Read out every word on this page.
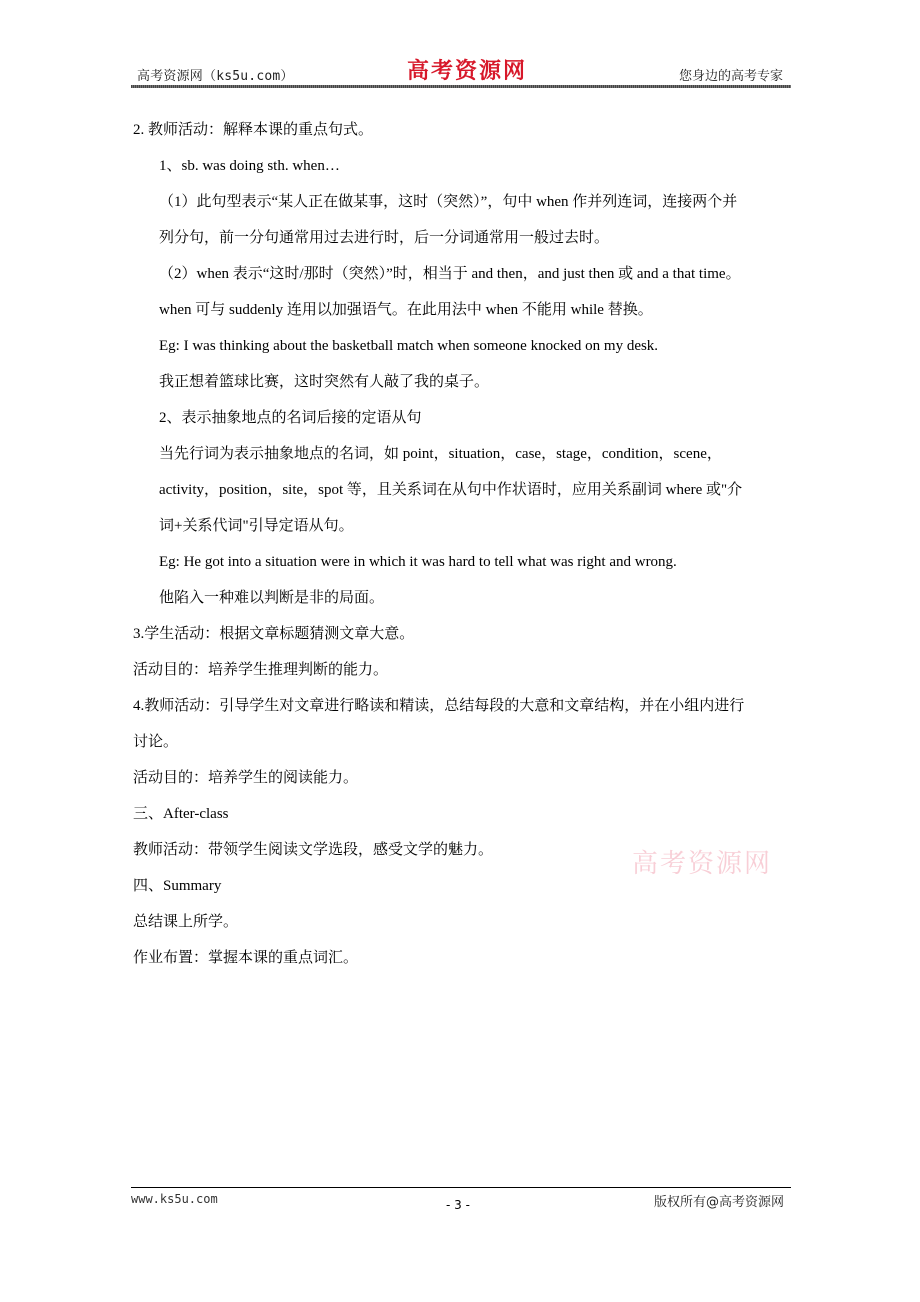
高考资源网（ks5u.com）	高考资源网	您身边的高考专家
2. 教师活动：解释本课的重点句式。
1、sb. was doing sth. when…
（1）此句型表示“某人正在做某事，这时（突然）”，句中 when 作并列连词，连接两个并
列分句，前一分句通常用过去进行时，后一分词通常用一般过去时。
（2）when 表示“这时/那时（突然）”时，相当于 and then，and just then 或 and a that time。
when 可与 suddenly 连用以加强语气。在此用法中 when 不能用 while 替换。
Eg: I was thinking about the basketball match when someone knocked on my desk.
我正想着篮球比赛，这时突然有人敲了我的桌子。
2、表示抽象地点的名词后接的定语从句
当先行词为表示抽象地点的名词，如 point，situation，case，stage，condition，scene，
activity，position，site，spot 等，且关系词在从句中作状语时，应用关系副词 where 或"介
词+关系代词"引导定语从句。
Eg: He got into a situation were in which it was hard to tell what was right and wrong.
他陷入一种难以判断是非的局面。
3.学生活动：根据文章标题猜测文章大意。
活动目的：培养学生推理判断的能力。
4.教师活动：引导学生对文章进行略读和精读，总结每段的大意和文章结构，并在小组内进行
讨论。
活动目的：培养学生的阅读能力。
三、After-class
教师活动：带领学生阅读文学选段，感受文学的魅力。
四、Summary
总结课上所学。
作业布置：掌握本课的重点词汇。
高考资源网
www.ks5u.com	- 3 -	版权所有@高考资源网
